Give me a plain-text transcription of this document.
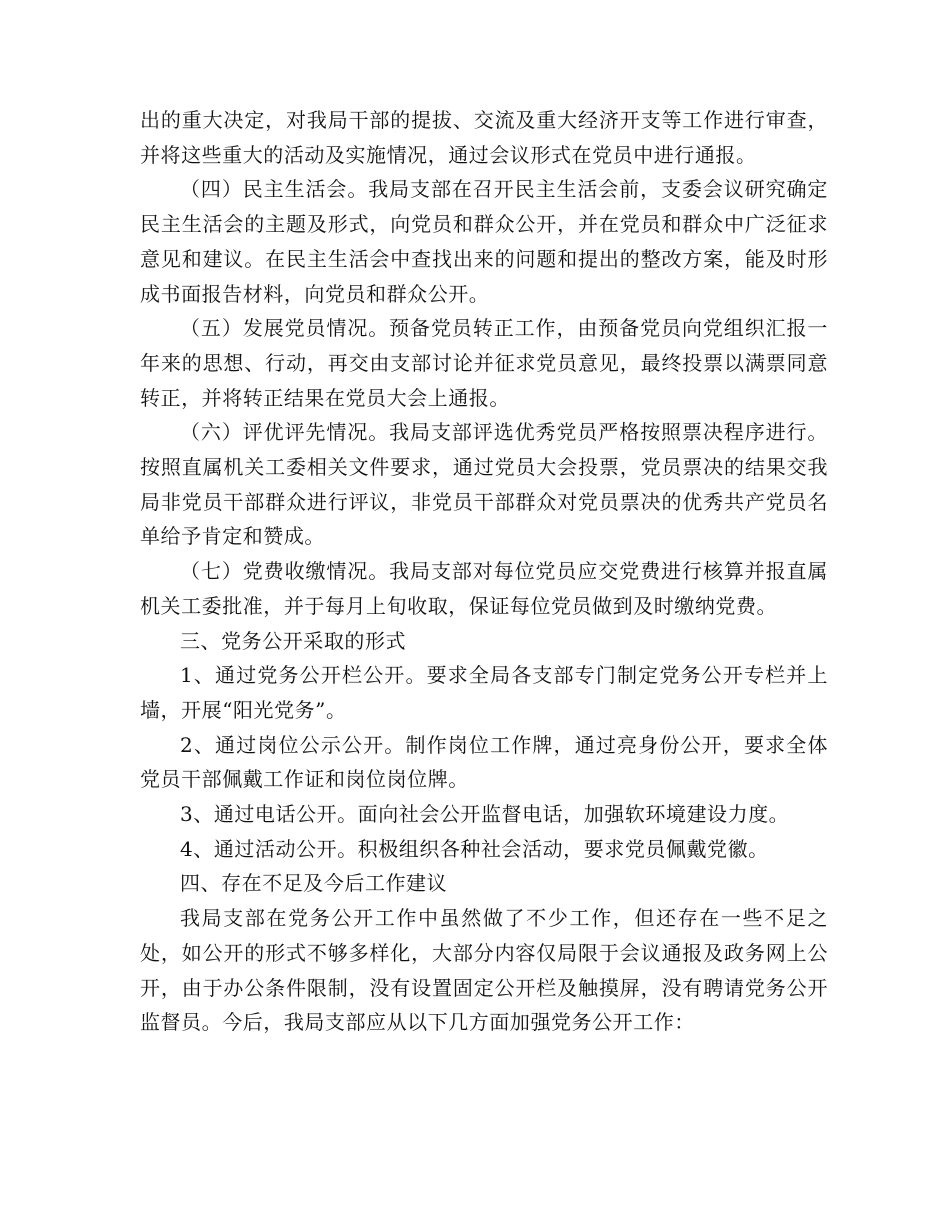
出的重大决定，对我局干部的提拔、交流及重大经济开支等工作进行审查，并将这些重大的活动及实施情况，通过会议形式在党员中进行通报。

（四）民主生活会。我局支部在召开民主生活会前，支委会议研究确定民主生活会的主题及形式，向党员和群众公开，并在党员和群众中广泛征求意见和建议。在民主生活会中查找出来的问题和提出的整改方案，能及时形成书面报告材料，向党员和群众公开。

（五）发展党员情况。预备党员转正工作，由预备党员向党组织汇报一年来的思想、行动，再交由支部讨论并征求党员意见，最终投票以满票同意转正，并将转正结果在党员大会上通报。

（六）评优评先情况。我局支部评选优秀党员严格按照票决程序进行。按照直属机关工委相关文件要求，通过党员大会投票，党员票决的结果交我局非党员干部群众进行评议，非党员干部群众对党员票决的优秀共产党员名单给予肯定和赞成。

（七）党费收缴情况。我局支部对每位党员应交党费进行核算并报直属机关工委批准，并于每月上旬收取，保证每位党员做到及时缴纳党费。

三、党务公开采取的形式

1、通过党务公开栏公开。要求全局各支部专门制定党务公开专栏并上墙，开展“阳光党务”。

2、通过岗位公示公开。制作岗位工作牌，通过亮身份公开，要求全体党员干部佩戴工作证和岗位岗位牌。

3、通过电话公开。面向社会公开监督电话，加强软环境建设力度。

4、通过活动公开。积极组织各种社会活动，要求党员佩戴党徽。

四、存在不足及今后工作建议

我局支部在党务公开工作中虽然做了不少工作，但还存在一些不足之处，如公开的形式不够多样化，大部分内容仅局限于会议通报及政务网上公开，由于办公条件限制，没有设置固定公开栏及触摸屏，没有聘请党务公开监督员。今后，我局支部应从以下几方面加强党务公开工作：
